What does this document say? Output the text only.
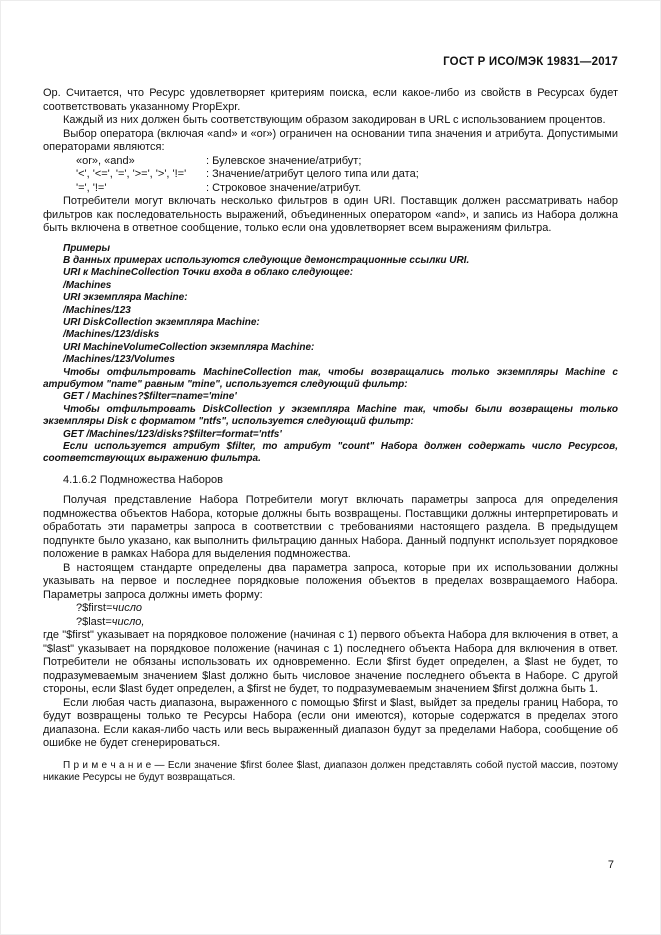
ГОСТ Р ИСО/МЭК 19831—2017

Ор. Считается, что Ресурс удовлетворяет критериям поиска, если какое-либо из свойств в Ресурсах будет соответствовать указанному PropExpr.

Каждый из них должен быть соответствующим образом закодирован в URL с использованием процентов.

Выбор оператора (включая «and» и «or») ограничен на основании типа значения и атрибута. Допустимыми операторами являются:

«or», «and»	: Булевское значение/атрибут;
'<', '<=', '=', '>=', '>', '!='	: Значение/атрибут целого типа или дата;
'=', '!='	: Строковое значение/атрибут.

Потребители могут включать несколько фильтров в один URI. Поставщик должен рассматривать набор фильтров как последовательность выражений, объединенных оператором «and», и запись из Набора должна быть включена в ответное сообщение, только если она удовлетворяет всем выражениям фильтра.

Примеры

В данных примерах используются следующие демонстрационные ссылки URI.

URI к MachineCollection Точки входа в облако следующее:

/Machines

URI экземпляра Machine:

/Machines/123

URI DiskCollection экземпляра Machine:

/Machines/123/disks

URI MachineVolumeCollection экземпляра Machine:

/Machines/123/Volumes

Чтобы отфильтровать MachineCollection так, чтобы возвращались только экземпляры Machine с атрибутом "name" равным "mine", используется следующий фильтр:

GET / Machines?$filter=name='mine'

Чтобы отфильтровать DiskCollection у экземпляра Machine так, чтобы были возвращены только экземпляры Disk с форматом "ntfs", используется следующий фильтр:

GET /Machines/123/disks?$filter=format='ntfs'

Если используется атрибут $filter, то атрибут "count" Набора должен содержать число Ресурсов, соответствующих выражению фильтра.

4.1.6.2 Подмножества Наборов

Получая представление Набора Потребители могут включать параметры запроса для определения подмножества объектов Набора, которые должны быть возвращены. Поставщики должны интерпретировать и обработать эти параметры запроса в соответствии с требованиями настоящего раздела. В предыдущем подпункте было указано, как выполнить фильтрацию данных Набора. Данный подпункт использует порядковое положение в рамках Набора для выделения подмножества.

В настоящем стандарте определены два параметра запроса, которые при их использовании должны указывать на первое и последнее порядковые положения объектов в пределах возвращаемого Набора. Параметры запроса должны иметь форму:

?$first=число

?$last=число,

где "$first" указывает на порядковое положение (начиная с 1) первого объекта Набора для включения в ответ, а "$last" указывает на порядковое положение (начиная с 1) последнего объекта Набора для включения в ответ. Потребители не обязаны использовать их одновременно. Если $first будет определен, а $last не будет, то подразумеваемым значением $last должно быть числовое значение последнего объекта в Наборе. С другой стороны, если $last будет определен, а $first не будет, то подразумеваемым значением $first должна быть 1.

Если любая часть диапазона, выраженного с помощью $first и $last, выйдет за пределы границ Набора, то будут возвращены только те Ресурсы Набора (если они имеются), которые содержатся в пределах этого диапазона. Если какая-либо часть или весь выраженный диапазон будут за пределами Набора, сообщение об ошибке не будет сгенерироваться.

П р и м е ч а н и е — Если значение $first более $last, диапазон должен представлять собой пустой массив, поэтому никакие Ресурсы не будут возвращаться.

7
